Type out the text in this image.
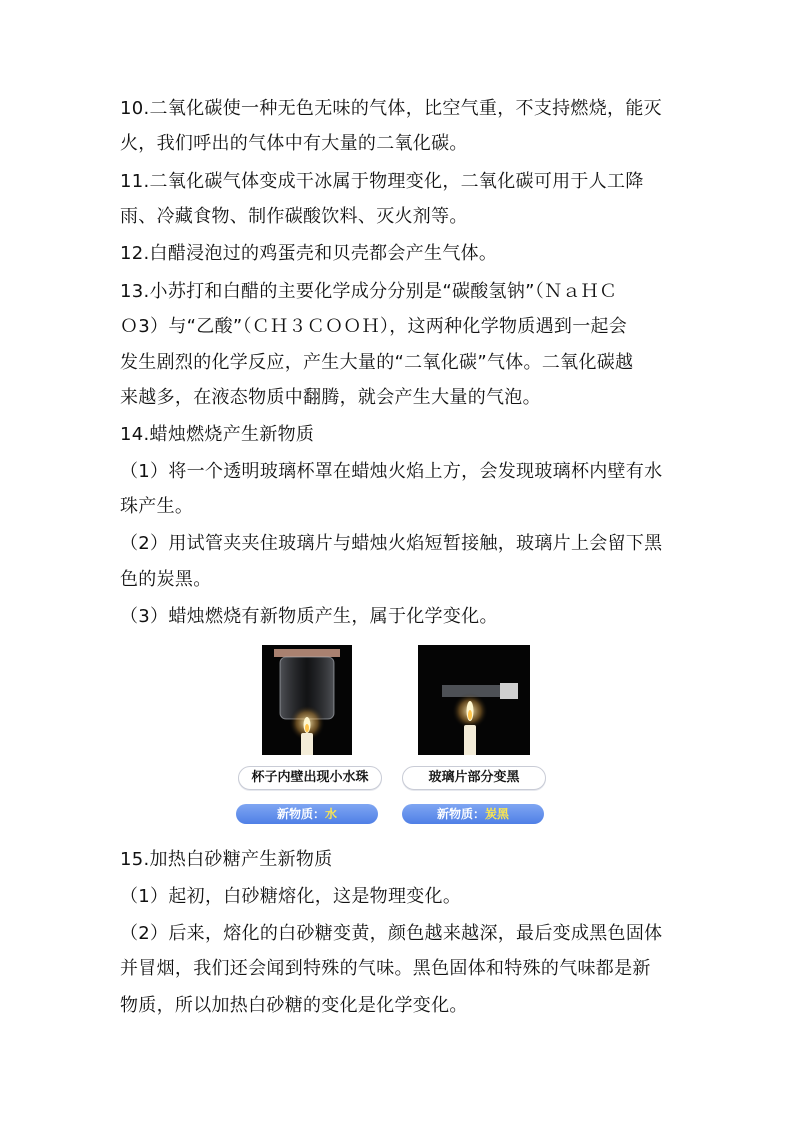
10.二氧化碳使一种无色无味的气体，比空气重，不支持燃烧，能灭
火，我们呼出的气体中有大量的二氧化碳。
11.二氧化碳气体变成干冰属于物理变化，二氧化碳可用于人工降
雨、冷藏食物、制作碳酸饮料、灭火剂等。
12.白醋浸泡过的鸡蛋壳和贝壳都会产生气体。
13.小苏打和白醋的主要化学成分分别是“碳酸氢钠”（ＮａＨＣ
Ｏ3）与“乙酸”（ＣＨ３ＣＯＯＨ），这两种化学物质遇到一起会
发生剧烈的化学反应，产生大量的“二氧化碳”气体。二氧化碳越
来越多，在液态物质中翻腾，就会产生大量的气泡。
14.蜡烛燃烧产生新物质
（1）将一个透明玻璃杯罩在蜡烛火焰上方，会发现玻璃杯内壁有水
珠产生。
（2）用试管夹夹住玻璃片与蜡烛火焰短暂接触，玻璃片上会留下黑
色的炭黑。
（3）蜡烛燃烧有新物质产生，属于化学变化。
杯子内壁出现小水珠	玻璃片部分变黑
新物质：水	新物质：炭黑
15.加热白砂糖产生新物质
（1）起初，白砂糖熔化，这是物理变化。
（2）后来，熔化的白砂糖变黄，颜色越来越深，最后变成黑色固体
并冒烟，我们还会闻到特殊的气味。黑色固体和特殊的气味都是新
物质，所以加热白砂糖的变化是化学变化。
